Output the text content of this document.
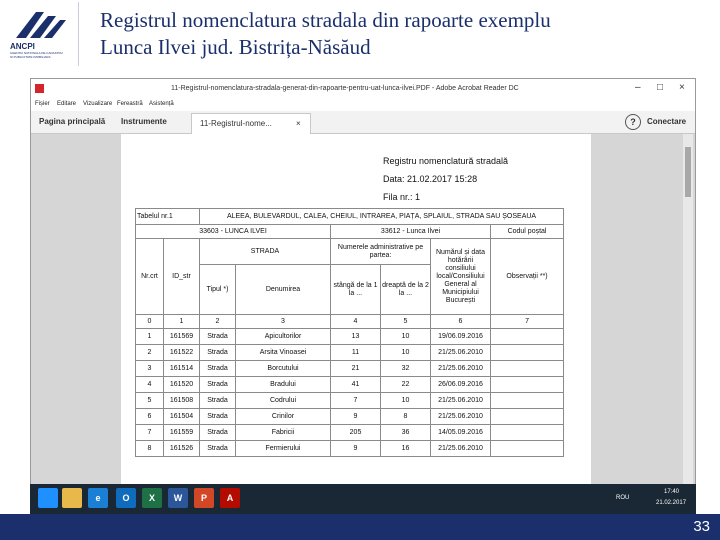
ANCPI
AGENTIA NATIONALA DE CADASTRU SI PUBLICITATE IMOBILIARA
Registrul nomenclatura stradala din rapoarte exemplu
Lunca Ilvei jud. Bistrița-Năsăud
11-Registrul-nomenclatura-stradala-generat-din-rapoarte-pentru-uat-lunca-ilvei.PDF - Adobe Acrobat Reader DC	– □ ×
Fișier Editare Vizualizare Fereastră Asistență
Pagina principală Instrumente	11-Registrul-nome...	×	?	Conectare
Registru nomenclatură stradală
Data: 21.02.2017 15:28
Fila nr.: 1
Tabelul nr.1		ALEEA, BULEVARDUL, CALEA, CHEIUL, INTRAREA, PIAȚA, SPLAIUL, STRADA SAU ȘOSEAUA					
33603 - LUNCA ILVEI				33612 - Lunca Ilvei			Codul poștal
Nr.crt	ID_str	STRADA		Numerele administrative pe partea:		Numărul și data hotărârii consiliului local/Consiliului General al Municipiului București	Observații **)
		Tipul *)	Denumirea	stângă de la 1 la ...	dreaptă de la 2 la ...		
0	1	2	3	4	5	6	7
1	161569	Strada	Apicultorilor	13	10	19/06.09.2016	
2	161522	Strada	Arsita Vinoasei	11	10	21/25.06.2010	
3	161514	Strada	Borcutului	21	32	21/25.06.2010	
4	161520	Strada	Bradului	41	22	26/06.09.2016	
5	161508	Strada	Codrului	7	10	21/25.06.2010	
6	161504	Strada	Crinilor	9	8	21/25.06.2010	
7	161559	Strada	Fabricii	205	36	14/05.09.2016	
8	161526	Strada	Fermierului	9	16	21/25.06.2010	
e	O	X	W	P	A	ROU
17:40
21.02.2017
33
